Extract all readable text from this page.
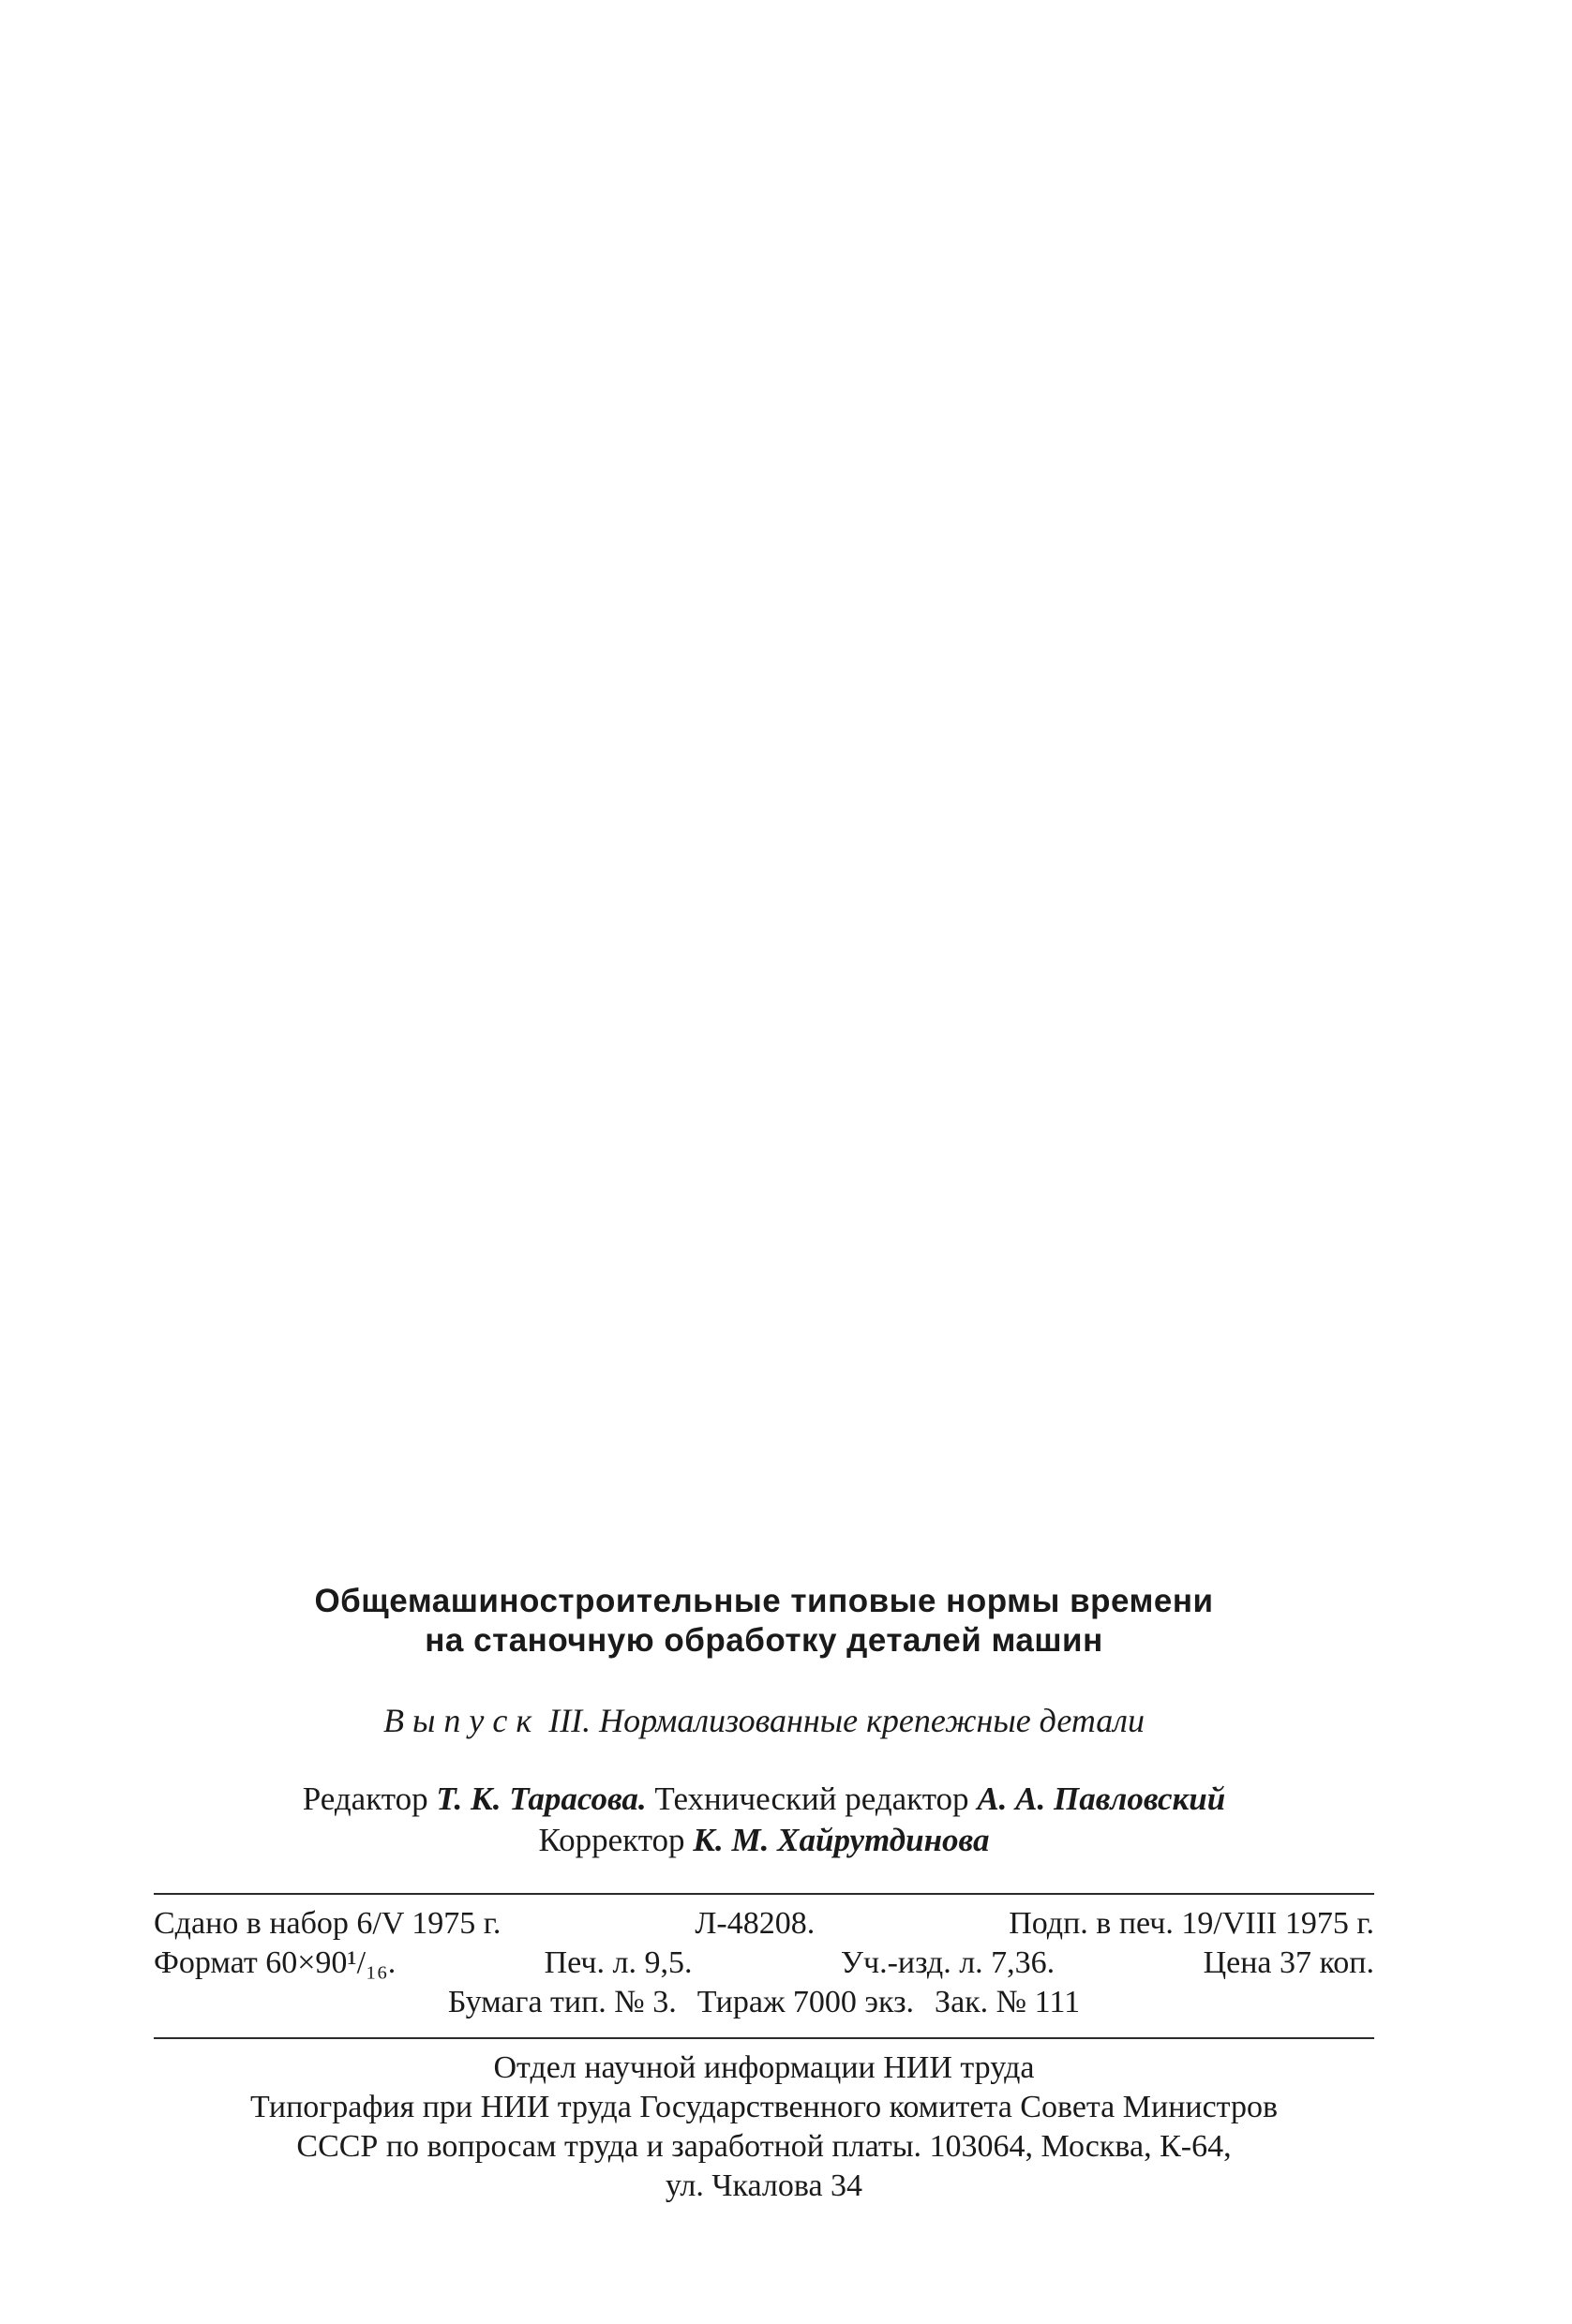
Общемашиностроительные типовые нормы времени
на станочную обработку деталей машин
Выпуск III. Нормализованные крепежные детали
Редактор Т. К. Тарасова. Технический редактор А. А. Павловский
Корректор К. М. Хайрутдинова
Сдано в набор 6/V 1975 г.	Л-48208.	Подп. в печ. 19/VIII 1975 г.
Формат 60×90¹/₁₆.	Печ. л. 9,5.	Уч.-изд. л. 7,36.	Цена 37 коп.
Бумага тип. № 3. Тираж 7000 экз. Зак. № 111
Отдел научной информации НИИ труда
Типография при НИИ труда Государственного комитета Совета Министров
СССР по вопросам труда и заработной платы. 103064, Москва, К-64,
ул. Чкалова 34
